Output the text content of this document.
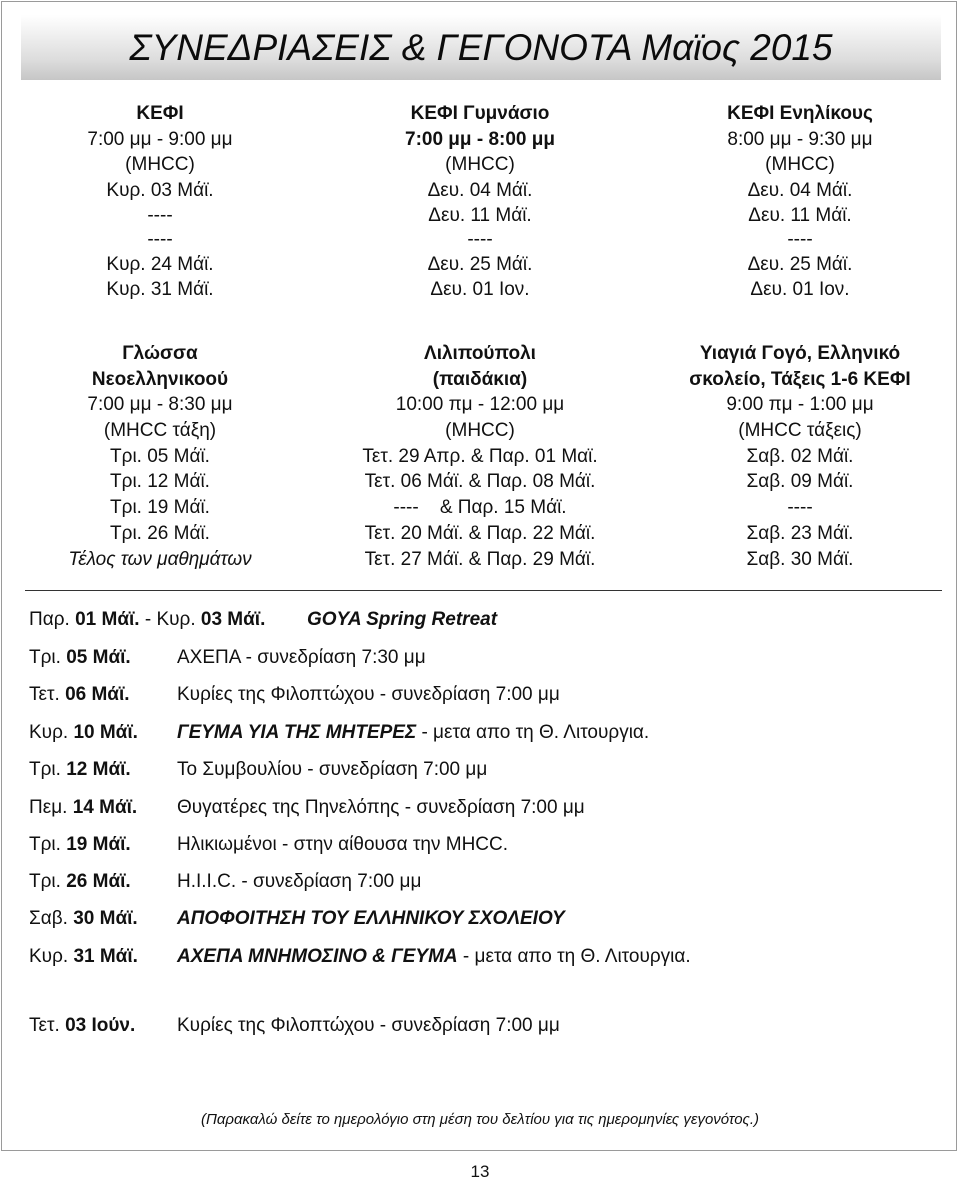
ΣΥΝΕΔΡΙΑΣΕΙΣ & ΓΕΓΟΝΟΤΑ Μαϊος 2015
ΚΕΦΙ
7:00 μμ - 9:00 μμ
(MHCC)
Κυρ. 03 Μάϊ.
----
----
Κυρ. 24 Μάϊ.
Κυρ. 31 Μάϊ.
ΚΕΦΙ Γυμνάσιο
7:00 μμ - 8:00 μμ
(MHCC)
Δευ. 04 Μάϊ.
Δευ. 11 Μάϊ.
----
Δευ. 25 Μάϊ.
Δευ. 01 Ιον.
ΚΕΦΙ Ενηλίκους
8:00 μμ - 9:30 μμ
(MHCC)
Δευ. 04 Μάϊ.
Δευ. 11 Μάϊ.
----
Δευ. 25 Μάϊ.
Δευ. 01 Ιον.
Γλώσσα
Νεοελληνικοού
7:00 μμ - 8:30 μμ
(MHCC τάξη)
Τρι. 05 Μάϊ.
Τρι. 12 Μάϊ.
Τρι. 19 Μάϊ.
Τρι. 26 Μάϊ.
Τέλος των μαθημάτων
Λιλιπούπολι
(παιδάκια)
10:00 πμ - 12:00 μμ
(MHCC)
Τετ. 29 Απρ. & Παρ. 01 Μαϊ.
Τετ. 06 Μάϊ. & Παρ. 08 Μάϊ.
----    & Παρ. 15 Μάϊ.
Τετ. 20 Μάϊ. & Παρ. 22 Μάϊ.
Τετ. 27 Μάϊ. & Παρ. 29 Μάϊ.
Υιαγιά Γογό, Ελληνικό
σκολείο, Τάξεις 1-6 ΚΕΦΙ
9:00 πμ - 1:00 μμ
(MHCC τάξεις)
Σαβ. 02 Μάϊ.
Σαβ. 09 Μάϊ.
----
Σαβ. 23 Μάϊ.
Σαβ. 30 Μάϊ.
Παρ. 01 Μάϊ. - Κυρ. 03 Μάϊ. GOYA Spring Retreat
Τρι. 05 Μάϊ. ΑΧΕΠΑ - συνεδρίαση 7:30 μμ
Τετ. 06 Μάϊ. Κυρίες της Φιλοπτώχου - συνεδρίαση 7:00 μμ
Κυρ. 10 Μάϊ. ΓΕΥΜΑ ΥΙΑ ΤΗΣ ΜΗΤΕΡΕΣ - μετα απο τη Θ. Λιτουργια.
Τρι. 12 Μάϊ. Το Συμβουλίου - συνεδρίαση 7:00 μμ
Πεμ. 14 Μάϊ. Θυγατέρες της Πηνελόπης - συνεδρίαση 7:00 μμ
Τρι. 19 Μάϊ. Ηλικιωμένοι - στην αίθουσα την MHCC.
Τρι. 26 Μάϊ. H.I.I.C. - συνεδρίαση 7:00 μμ
Σαβ. 30 Μάϊ. ΑΠΟΦΟΙΤΗΣΗ ΤΟΥ ΕΛΛΗΝΙΚΟΥ ΣΧΟΛΕΙΟΥ
Κυρ. 31 Μάϊ. ΑΧΕΠΑ ΜΝΗΜΟΣΙΝΟ & ΓΕΥΜΑ - μετα απο τη Θ. Λιτουργια.
Τετ. 03 Ιούν. Κυρίες της Φιλοπτώχου - συνεδρίαση 7:00 μμ
(Παρακαλώ δείτε το ημερολόγιο στη μέση του δελτίου για τις ημερομηνίες γεγονότος.)
13
